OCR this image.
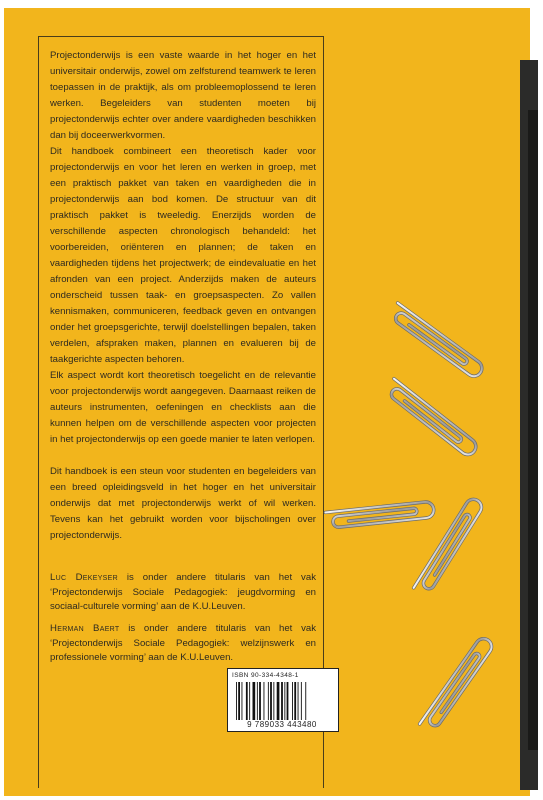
Projectonderwijs is een vaste waarde in het hoger en het universitair onderwijs, zowel om zelfsturend teamwerk te leren toepassen in de praktijk, als om probleemoplossend te leren werken. Begeleiders van studenten moeten bij projectonderwijs echter over andere vaardigheden beschikken dan bij doceerwerkvormen.

Dit handboek combineert een theoretisch kader voor projectonderwijs en voor het leren en werken in groep, met een praktisch pakket van taken en vaardigheden die in projectonderwijs aan bod komen. De structuur van dit praktisch pakket is tweeledig. Enerzijds worden de verschillende aspecten chronologisch behandeld: het voorbereiden, oriënteren en plannen; de taken en vaardigheden tijdens het projectwerk; de eindevaluatie en het afronden van een project. Anderzijds maken de auteurs onderscheid tussen taak- en groepsaspecten. Zo vallen kennismaken, communiceren, feedback geven en ontvangen onder het groepsgerichte, terwijl doelstellingen bepalen, taken verdelen, afspraken maken, plannen en evalueren bij de taakgerichte aspecten behoren.

Elk aspect wordt kort theoretisch toegelicht en de relevantie voor projectonderwijs wordt aangegeven. Daarnaast reiken de auteurs instrumenten, oefeningen en checklists aan die kunnen helpen om de verschillende aspecten voor projecten in het projectonderwijs op een goede manier te laten verlopen.

Dit handboek is een steun voor studenten en begeleiders van een breed opleidingsveld in het hoger en het universitair onderwijs dat met projectonderwijs werkt of wil werken. Tevens kan het gebruikt worden voor bijscholingen over projectonderwijs.

Luc Dekeyser is onder andere titularis van het vak ‘Projectonderwijs Sociale Pedagogiek: jeugdvorming en sociaal-culturele vorming’ aan de K.U.Leuven.
Herman Baert is onder andere titularis van het vak ‘Projectonderwijs Sociale Pedagogiek: welzijnswerk en professionele vorming’ aan de K.U.Leuven.
ISBN 90-334-4348-1
9 789033 443480
